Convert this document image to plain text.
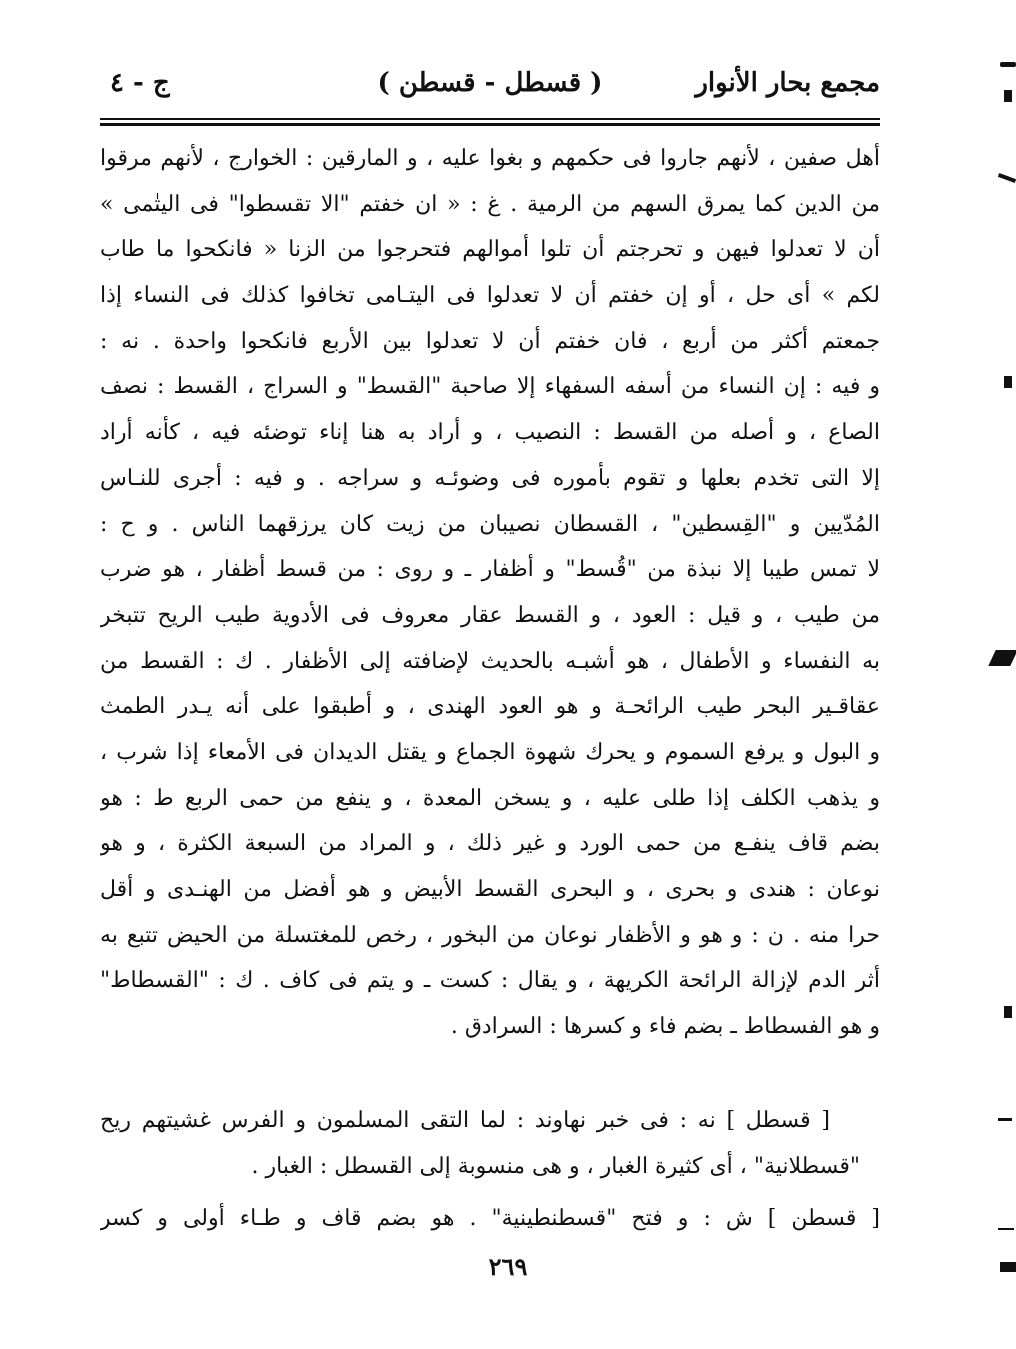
مجمع بحار الأنوار
( قسطل - قسطن )
ج - ٤
أهل صفين ، لأنهم جاروا فى حكمهم و بغوا عليه ، و المارقين : الخوارج ، لأنهم مرقوا
من الدين كما يمرق السهم من الرمية . غ : « ان خفتم "الا تقسطوا" فى اليتٰمى »
أن لا تعدلوا فيهن و تحرجتم أن تلوا أموالهم فتحرجوا من الزنا « فانكحوا ما طاب
لكم » أى حل ، أو إن خفتم أن لا تعدلوا فى اليتـامى تخافوا كذلك فى النساء إذا
جمعتم أكثر من أربع ، فان خفتم أن لا تعدلوا بين الأربع فانكحوا واحدة . نه :
و فيه : إن النساء من أسفه السفهاء إلا صاحبة "القسط" و السراج ، القسط : نصف
الصاع ، و أصله من القسط : النصيب ، و أراد به هنا إناء توضئه فيه ، كأنه أراد
إلا التى تخدم بعلها و تقوم بأموره فى وضوئـه و سراجه . و فيه : أجرى للنـاس
المُدّيين و "القِسطين" ، القسطان نصيبان من زيت كان يرزقهما الناس . و ح :
لا تمس طيبا إلا نبذة من "قُسط" و أظفار ـ و روى : من قسط أظفار ، هو ضرب
من طيب ، و قيل : العود ، و القسط عقار معروف فى الأدوية طيب الريح تتبخر
به النفساء و الأطفال ، هو أشبـه بالحديث لإضافته إلى الأظفار . ك : القسط من
عقاقـير البحر طيب الرائحـة و هو العود الهندى ، و أطبقوا على أنه يـدر الطمث
و البول و يرفع السموم و يحرك شهوة الجماع و يقتل الديدان فى الأمعاء إذا شرب ،
و يذهب الكلف إذا طلى عليه ، و يسخن المعدة ، و ينفع من حمى الربع ط : هو
بضم قاف ينفـع من حمى الورد و غير ذلك ، و المراد من السبعة الكثرة ، و هو
نوعان : هندى و بحرى ، و البحرى القسط الأبيض و هو أفضل من الهنـدى و أقل
حرا منه . ن : و هو و الأظفار نوعان من البخور ، رخص للمغتسلة من الحيض تتبع به
أثر الدم لإزالة الرائحة الكريهة ، و يقال : كست ـ و يتم فى كاف . ك : "القسطاط"
و هو الفسطاط ـ بضم فاء و كسرها : السرادق .
[ قسطل ] نه : فى خبر نهاوند : لما التقى المسلمون و الفرس غشيتهم ريح
"قسطلانية" ، أى كثيرة الغبار ، و هى منسوبة إلى القسطل : الغبار .
[ قسطن ] ش : و فتح "قسطنطينية" . هو بضم قاف و طـاء أولى و كسر
٢٦٩
